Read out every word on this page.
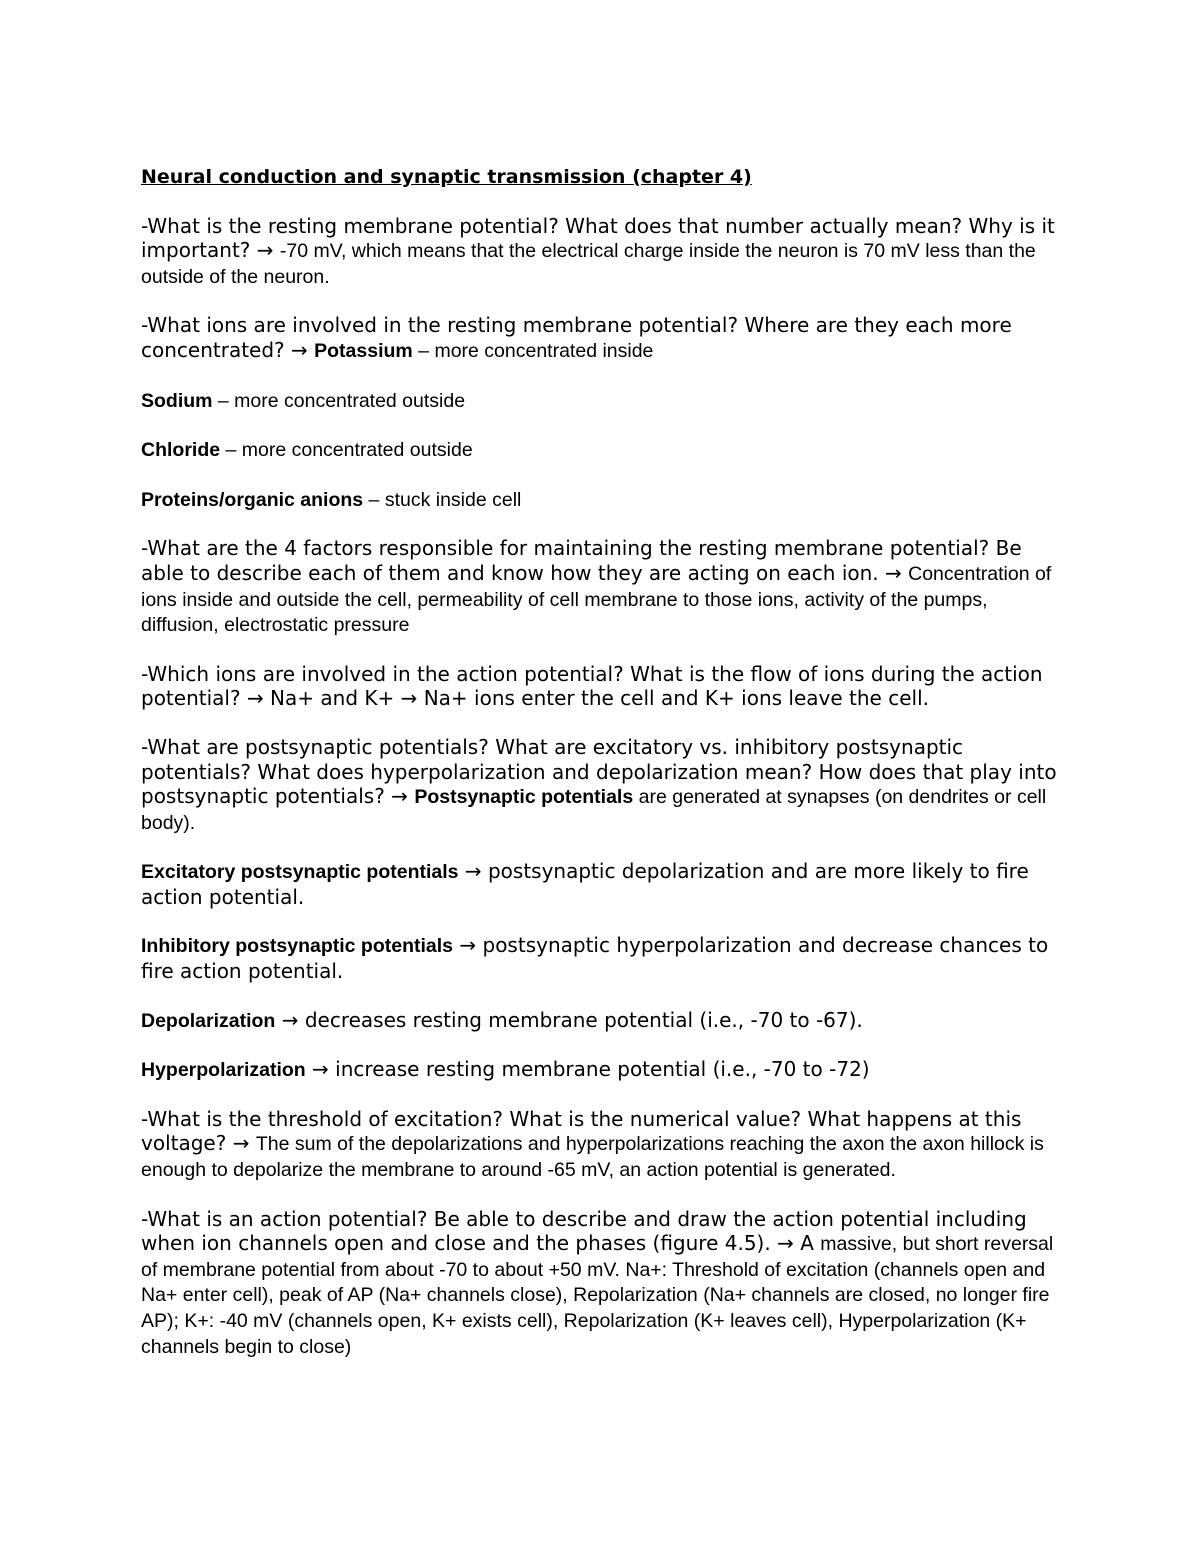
Neural conduction and synaptic transmission (chapter 4)

-What is the resting membrane potential? What does that number actually mean? Why is it important? → -70 mV, which means that the electrical charge inside the neuron is 70 mV less than the outside of the neuron.

-What ions are involved in the resting membrane potential? Where are they each more concentrated? → Potassium – more concentrated inside

Sodium – more concentrated outside

Chloride – more concentrated outside

Proteins/organic anions – stuck inside cell

-What are the 4 factors responsible for maintaining the resting membrane potential? Be able to describe each of them and know how they are acting on each ion. → Concentration of ions inside and outside the cell, permeability of cell membrane to those ions, activity of the pumps, diffusion, electrostatic pressure

-Which ions are involved in the action potential? What is the flow of ions during the action potential? → Na+ and K+ → Na+ ions enter the cell and K+ ions leave the cell.

-What are postsynaptic potentials? What are excitatory vs. inhibitory postsynaptic potentials? What does hyperpolarization and depolarization mean? How does that play into postsynaptic potentials? → Postsynaptic potentials are generated at synapses (on dendrites or cell body).

Excitatory postsynaptic potentials → postsynaptic depolarization and are more likely to fire action potential.

Inhibitory postsynaptic potentials → postsynaptic hyperpolarization and decrease chances to fire action potential.

Depolarization → decreases resting membrane potential (i.e., -70 to -67).

Hyperpolarization → increase resting membrane potential (i.e., -70 to -72)

-What is the threshold of excitation? What is the numerical value? What happens at this voltage? → The sum of the depolarizations and hyperpolarizations reaching the axon the axon hillock is enough to depolarize the membrane to around -65 mV, an action potential is generated.

-What is an action potential? Be able to describe and draw the action potential including when ion channels open and close and the phases (figure 4.5). → A massive, but short reversal of membrane potential from about -70 to about +50 mV. Na+: Threshold of excitation (channels open and Na+ enter cell), peak of AP (Na+ channels close), Repolarization (Na+ channels are closed, no longer fire AP); K+: -40 mV (channels open, K+ exists cell), Repolarization (K+ leaves cell), Hyperpolarization (K+ channels begin to close)
